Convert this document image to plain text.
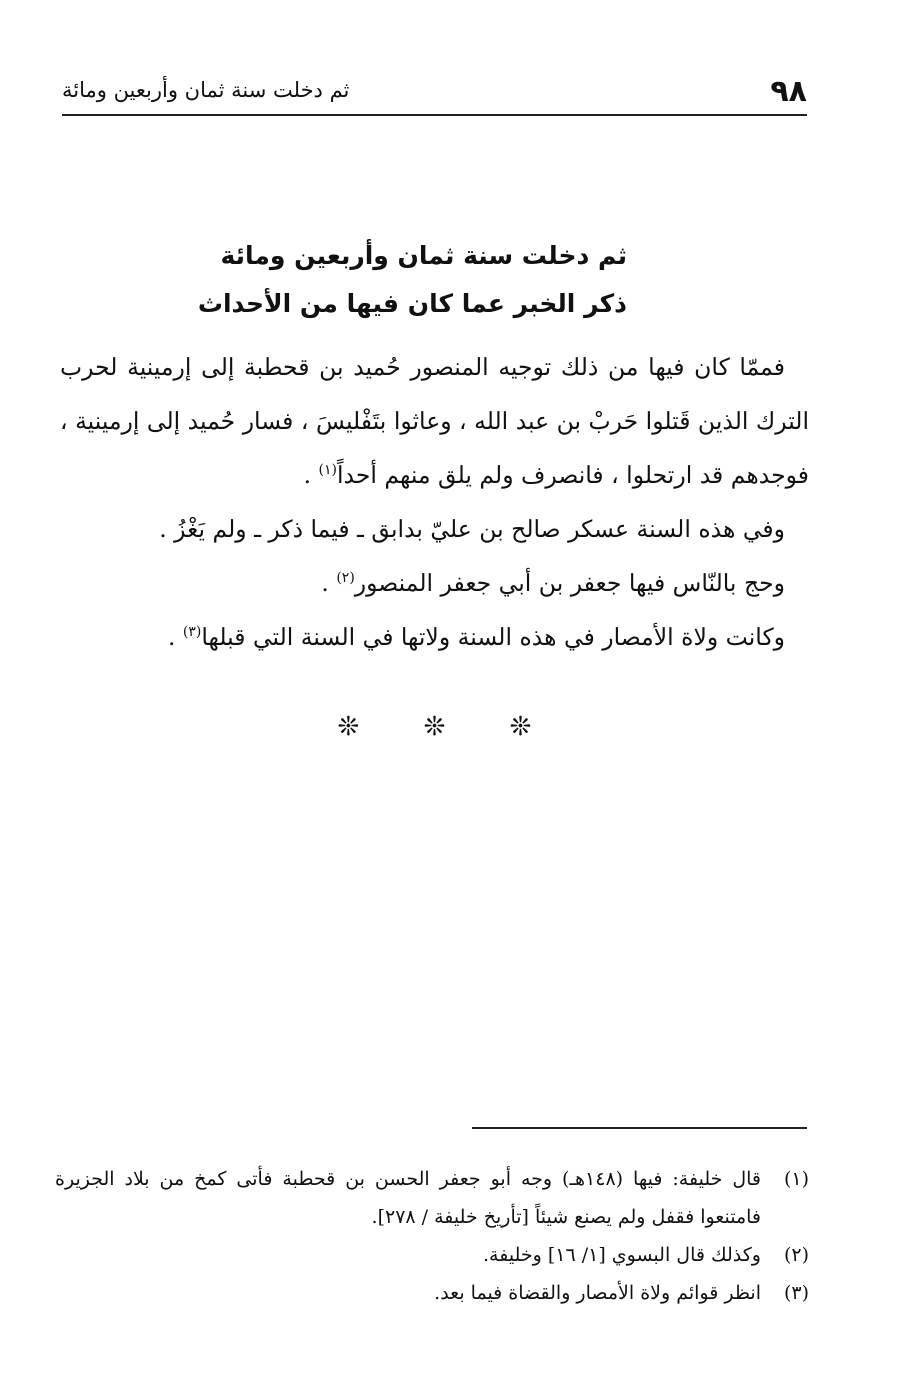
٩٨
ثم دخلت سنة ثمان وأربعين ومائة
ثم دخلت سنة ثمان وأربعين ومائة
ذكر الخبر عما كان فيها من الأحداث

فممّا كان فيها من ذلك توجيه المنصور حُميد بن قحطبة إلى إرمينية لحرب الترك الذين قَتلوا حَربْ بن عبد الله ، وعاثوا بتَفْليسَ ، فسار حُميد إلى إرمينية ، فوجدهم قد ارتحلوا ، فانصرف ولم يلق منهم أحداً$^{(١)}$ .

وفي هذه السنة عسكر صالح بن عليّ بدابق ـ فيما ذكر ـ ولم يَغْزُ .

وحج بالنّاس فيها جعفر بن أبي جعفر المنصور$^{(٢)}$ .

وكانت ولاة الأمصار في هذه السنة ولاتها في السنة التي قبلها$^{(٣)}$ .

❊ ❊ ❊
(١)
قال خليفة: فيها (١٤٨هـ) وجه أبو جعفر الحسن بن قحطبة فأتى كمخ من بلاد الجزيرة فامتنعوا فقفل ولم يصنع شيئاً [تأريخ خليفة / ٢٧٨].
(٢)
وكذلك قال البسوي [١/ ١٦] وخليفة.
(٣)
انظر قوائم ولاة الأمصار والقضاة فيما بعد.
